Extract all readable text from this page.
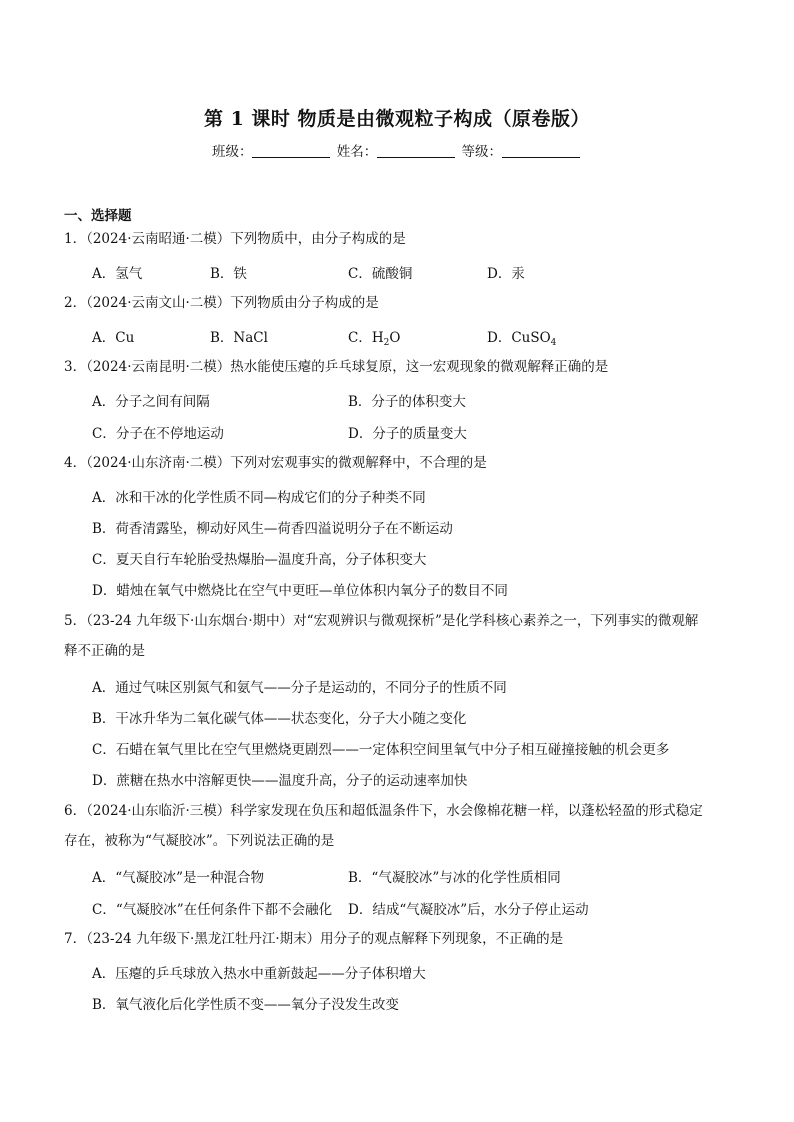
第 1 课时 物质是由微观粒子构成（原卷版）
班级：	姓名：	等级：
一、选择题
1．（2024·云南昭通·二模）下列物质中，由分子构成的是
A．氢气	B．铁	C．硫酸铜	D．汞
2．（2024·云南文山·二模）下列物质由分子构成的是
A．Cu	B．NaCl	C．$H_2O$	D．CuSO$_4$
3．（2024·云南昆明·二模）热水能使压瘪的乒乓球复原，这一宏观现象的微观解释正确的是
A．分子之间有间隔	B．分子的体积变大
C．分子在不停地运动	D．分子的质量变大
4．（2024·山东济南·二模）下列对宏观事实的微观解释中，不合理的是
A．冰和干冰的化学性质不同—构成它们的分子种类不同
B．荷香清露坠，柳动好风生—荷香四溢说明分子在不断运动
C．夏天自行车轮胎受热爆胎—温度升高，分子体积变大
D．蜡烛在氧气中燃烧比在空气中更旺—单位体积内氧分子的数目不同
5．（23-24 九年级下·山东烟台·期中）对“宏观辨识与微观探析”是化学科核心素养之一，下列事实的微观解
释不正确的是
A．通过气味区别氮气和氨气——分子是运动的，不同分子的性质不同
B．干冰升华为二氧化碳气体——状态变化，分子大小随之变化
C．石蜡在氧气里比在空气里燃烧更剧烈——一定体积空间里氧气中分子相互碰撞接触的机会更多
D．蔗糖在热水中溶解更快——温度升高，分子的运动速率加快
6．（2024·山东临沂·三模）科学家发现在负压和超低温条件下，水会像棉花糖一样，以蓬松轻盈的形式稳定
存在，被称为“气凝胶冰”。下列说法正确的是
A．“气凝胶冰”是一种混合物	B．“气凝胶冰”与冰的化学性质相同
C．“气凝胶冰”在任何条件下都不会融化 D．结成“气凝胶冰”后，水分子停止运动
7．（23-24 九年级下·黑龙江牡丹江·期末）用分子的观点解释下列现象，不正确的是
A．压瘪的乒乓球放入热水中重新鼓起——分子体积增大
B．氧气液化后化学性质不变——氧分子没发生改变
